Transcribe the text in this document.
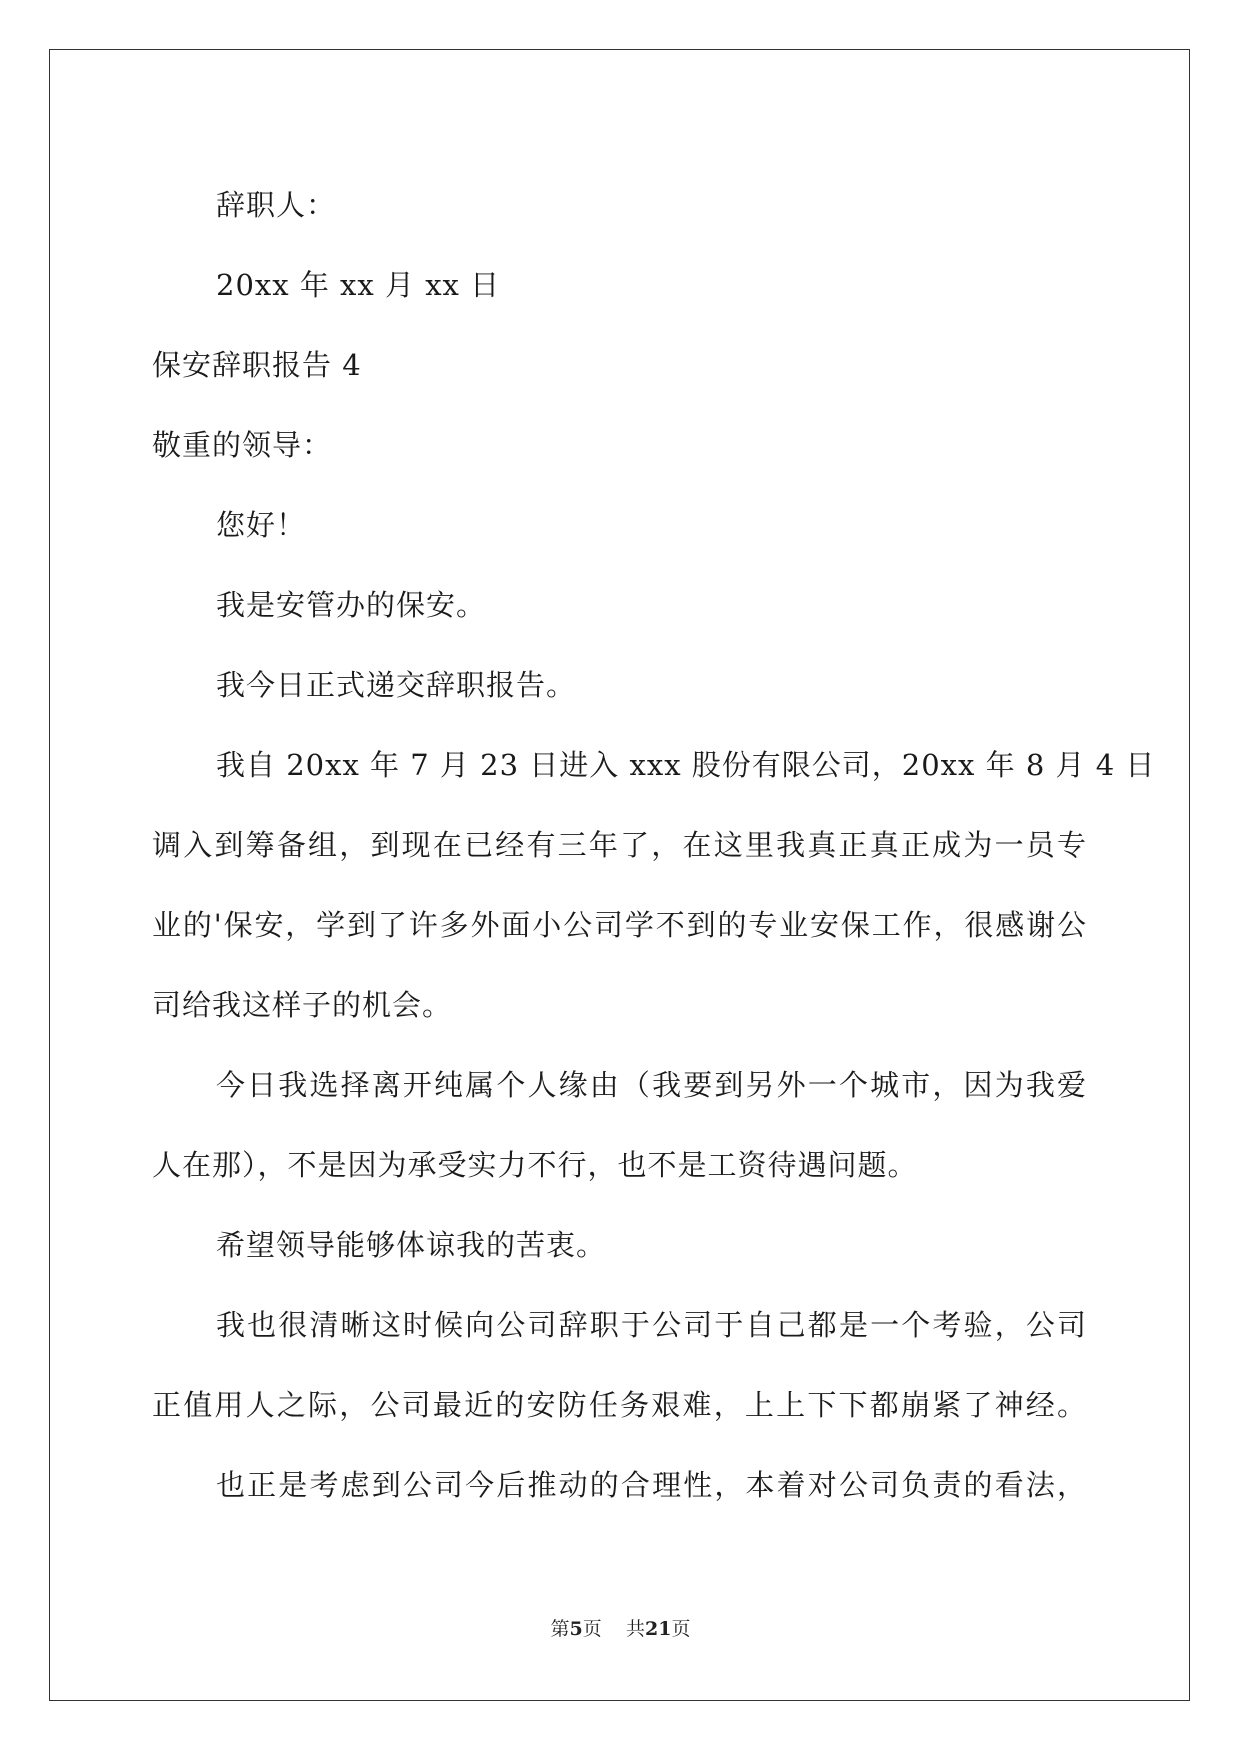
辞职人：
20xx 年 xx 月 xx 日
保安辞职报告 4
敬重的领导：
您好！
我是安管办的保安。
我今日正式递交辞职报告。
我自 20xx 年 7 月 23 日进入 xxx 股份有限公司，20xx 年 8 月 4 日
调入到筹备组，到现在已经有三年了，在这里我真正真正成为一员专
业的'保安，学到了许多外面小公司学不到的专业安保工作，很感谢公
司给我这样子的机会。
今日我选择离开纯属个人缘由（我要到另外一个城市，因为我爱
人在那），不是因为承受实力不行，也不是工资待遇问题。
希望领导能够体谅我的苦衷。
我也很清晰这时候向公司辞职于公司于自己都是一个考验，公司
正值用人之际，公司最近的安防任务艰难，上上下下都崩紧了神经。
也正是考虑到公司今后推动的合理性，本着对公司负责的看法，
第5页 共21页
